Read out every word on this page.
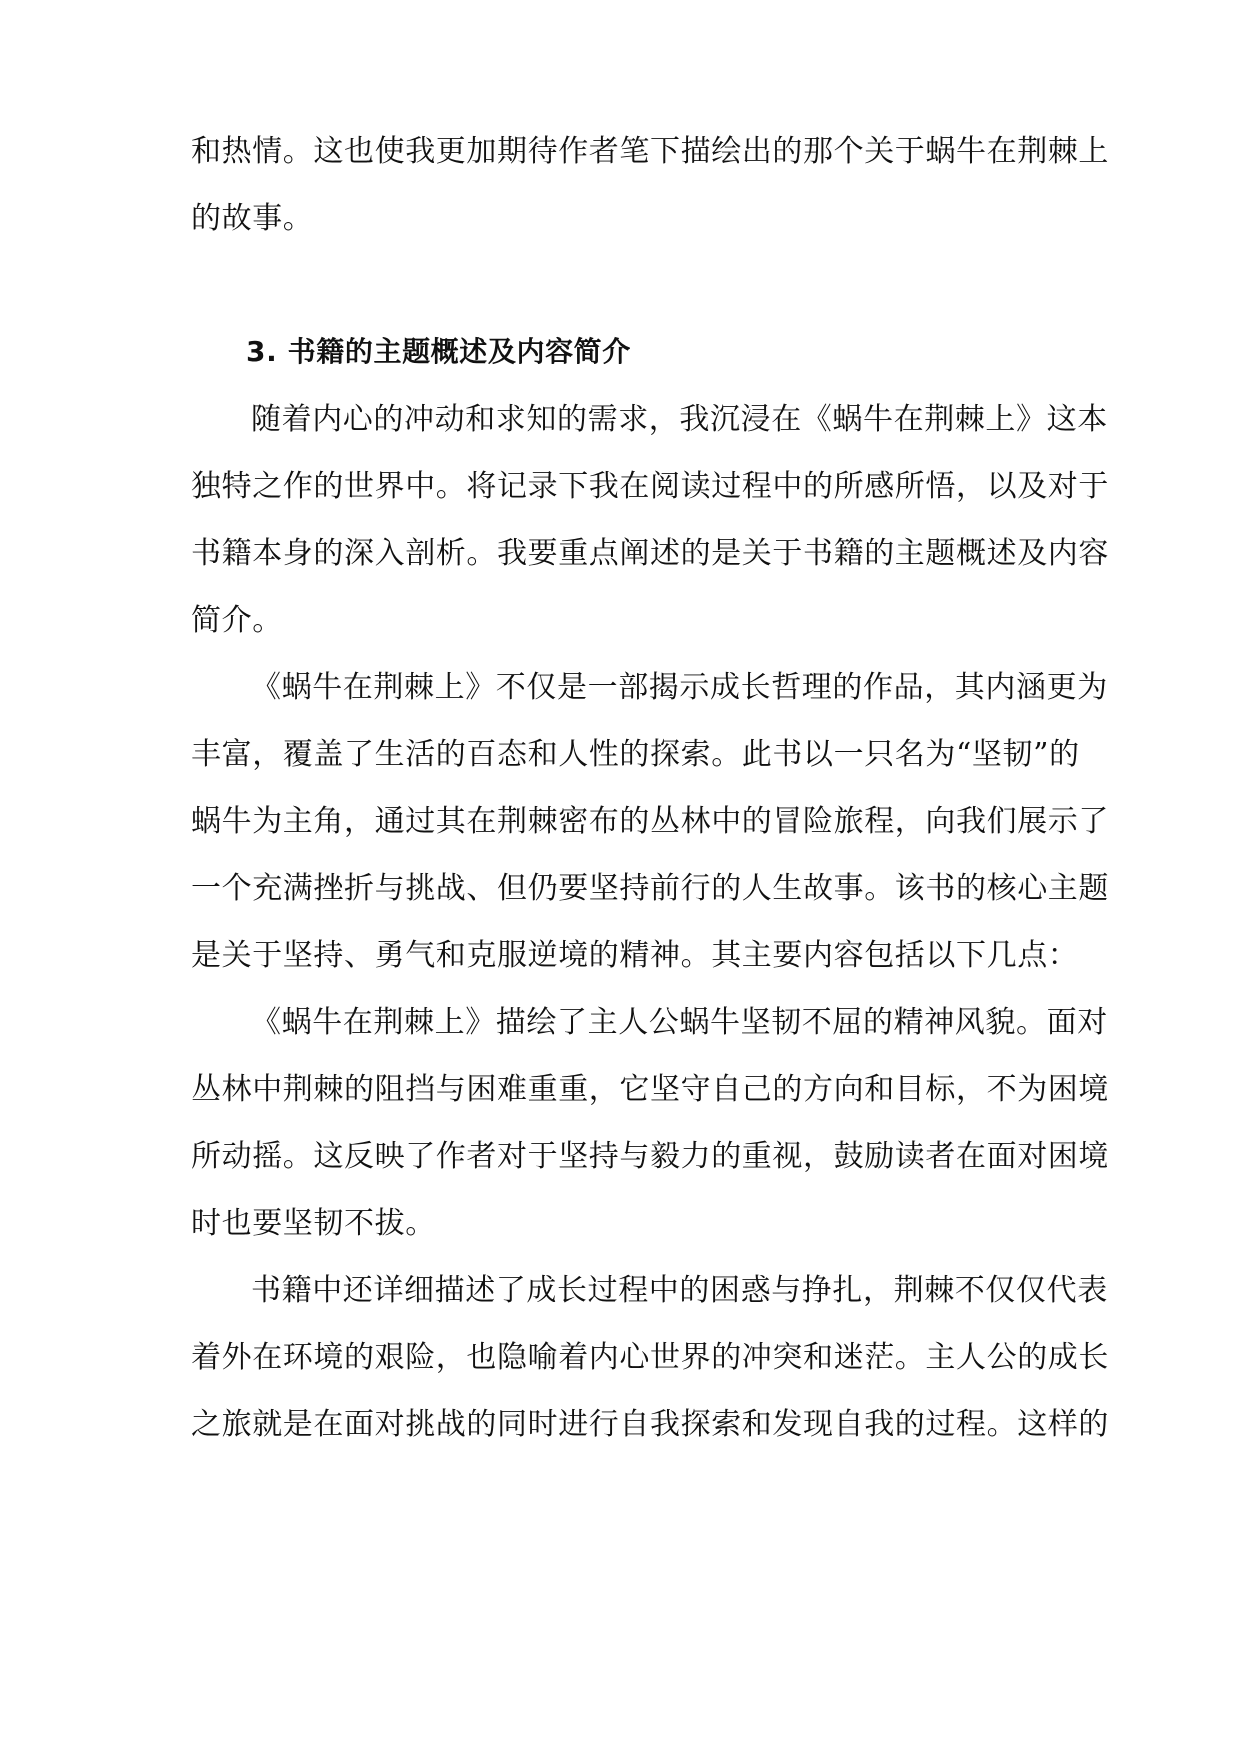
和热情。这也使我更加期待作者笔下描绘出的那个关于蜗牛在荆棘上
的故事。
3. 书籍的主题概述及内容简介
随着内心的冲动和求知的需求，我沉浸在《蜗牛在荆棘上》这本
独特之作的世界中。将记录下我在阅读过程中的所感所悟，以及对于
书籍本身的深入剖析。我要重点阐述的是关于书籍的主题概述及内容
简介。
《蜗牛在荆棘上》不仅是一部揭示成长哲理的作品，其内涵更为
丰富，覆盖了生活的百态和人性的探索。此书以一只名为“坚韧”的
蜗牛为主角，通过其在荆棘密布的丛林中的冒险旅程，向我们展示了
一个充满挫折与挑战、但仍要坚持前行的人生故事。该书的核心主题
是关于坚持、勇气和克服逆境的精神。其主要内容包括以下几点：
《蜗牛在荆棘上》描绘了主人公蜗牛坚韧不屈的精神风貌。面对
丛林中荆棘的阻挡与困难重重，它坚守自己的方向和目标，不为困境
所动摇。这反映了作者对于坚持与毅力的重视，鼓励读者在面对困境
时也要坚韧不拔。
书籍中还详细描述了成长过程中的困惑与挣扎，荆棘不仅仅代表
着外在环境的艰险，也隐喻着内心世界的冲突和迷茫。主人公的成长
之旅就是在面对挑战的同时进行自我探索和发现自我的过程。这样的
